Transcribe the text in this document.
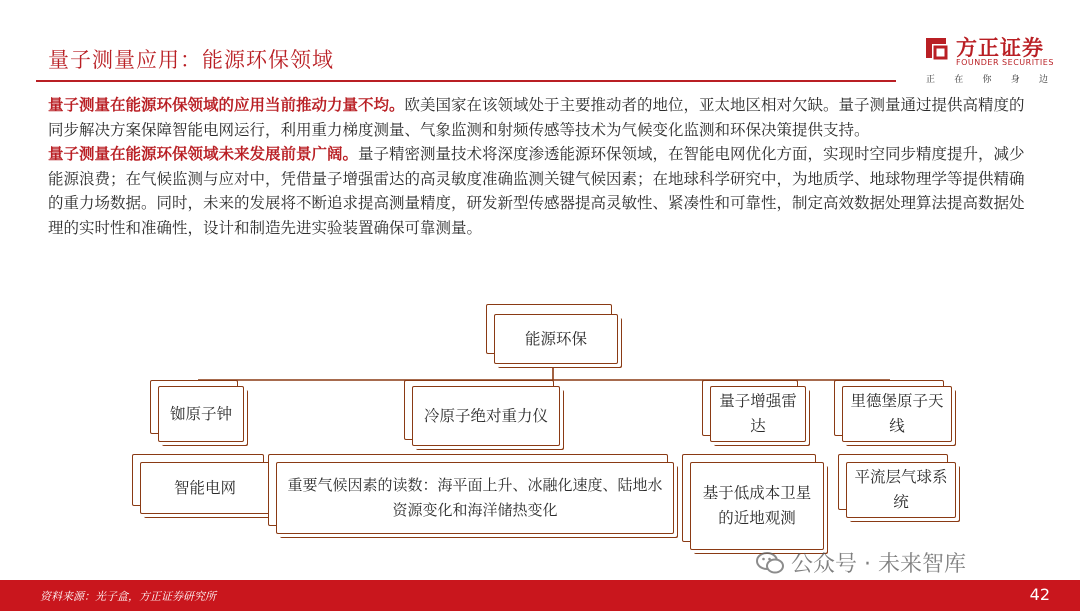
量子测量应用：能源环保领域	方正证券
FOUNDER SECURITIES
正 在 你 身 边

量子测量在能源环保领域的应用当前推动力量不均。欧美国家在该领域处于主要推动者的地位，亚太地区相对欠缺。量子测量通过提供高精度的同步解决方案保障智能电网运行，利用重力梯度测量、气象监测和射频传感等技术为气候变化监测和环保决策提供支持。

量子测量在能源环保领域未来发展前景广阔。量子精密测量技术将深度渗透能源环保领域，在智能电网优化方面，实现时空同步精度提升，减少能源浪费；在气候监测与应对中，凭借量子增强雷达的高灵敏度准确监测关键气候因素；在地球科学研究中，为地质学、地球物理学等提供精确的重力场数据。同时，未来的发展将不断追求提高测量精度，研发新型传感器提高灵敏性、紧凑性和可靠性，制定高效数据处理算法提高数据处理的实时性和准确性，设计和制造先进实验装置确保可靠测量。

能源环保
铷原子钟
智能电网
冷原子绝对重力仪
重要气候因素的读数：海平面上升、冰融化速度、陆地水资源变化和海洋储热变化
量子增强雷达
基于低成本卫星的近地观测
里德堡原子天线
平流层气球系统
公众号 · 未来智库
资料来源：光子盒，方正证券研究所	42
